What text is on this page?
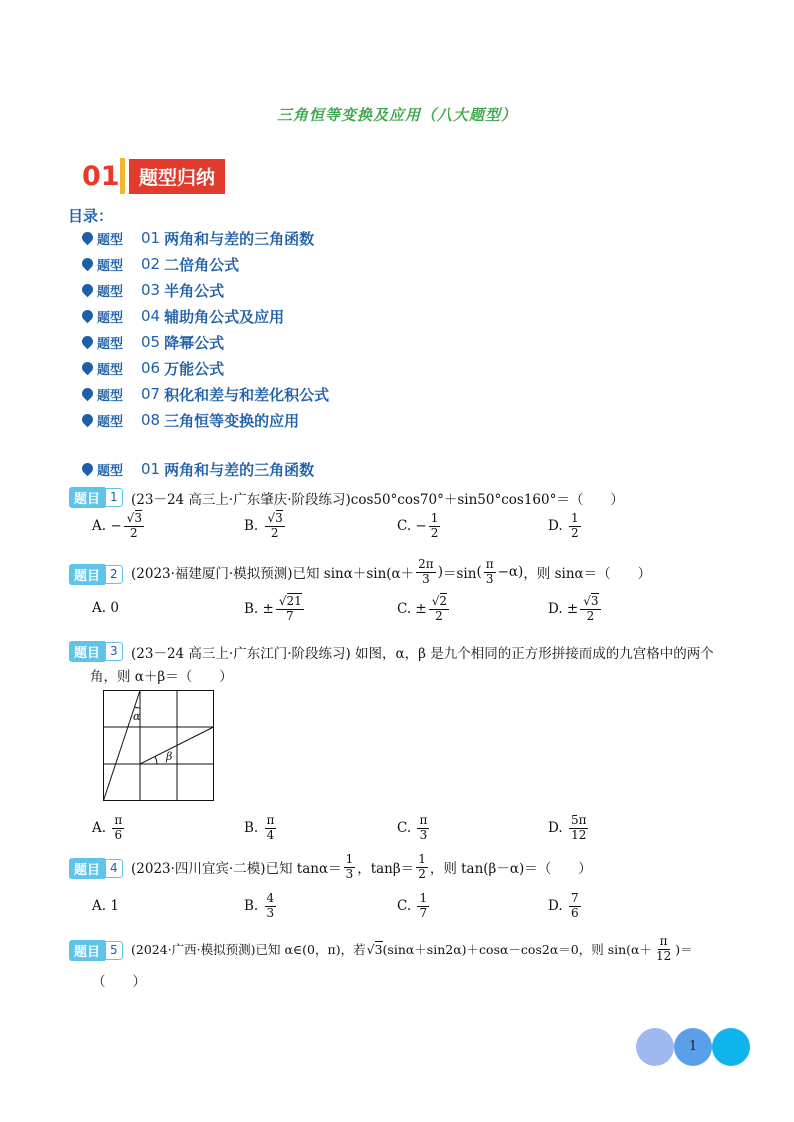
三角恒等变换及应用（八大题型）
01	题型归纳
目录：
题型	01 两角和与差的三角函数
题型	02 二倍角公式
题型	03 半角公式
题型	04 辅助角公式及应用
题型	05 降幂公式
题型	06 万能公式
题型	07 积化和差与和差化积公式
题型	08 三角恒等变换的应用
题型	01 两角和与差的三角函数
题目 1 (23－24 高三上·广东肇庆·阶段练习)cos50°cos70°＋sin50°cos160°＝（　　）
A. − √ $\frac{3}{2}$	B.
√ $\frac{3}{2}$	C. − $\frac{1}{2}$	D.
$\frac{1}{2}$
题目 2 (2023·福建厦门·模拟预测) 已知 sinα＋sin ($\alpha+ \frac{2\pi}{3}$ ) ＝sin ( $\frac{\pi}{3} -\alpha$) ，则 sinα＝（　　）
A. 0	B. ± √ $\frac{21}{7}$	C. ± √ $\frac{2}{2}$	D. ± √ $\frac{3}{2}$
题目 3 (23－24 高三上·广东江门·阶段练习) 如图，α，β 是九个相同的正方形拼接而成的九宫格中的两个
角，则 α＋β＝（　　）
α
β
A.
$\frac{\pi}{6}$	B.
$\frac{\pi}{4}$	C.
$\frac{\pi}{3}$	D.
$\frac{5\pi}{12}$
题目 4 (2023·四川宜宾·二模) 已知 $\tan\alpha= \frac{1}{3}$ ，$\tan\beta= \frac{1}{2}$ ，则 tan(β－α)＝（　　）
A. 1	B.
$\frac{4}{3}$	C.
$\frac{1}{7}$	D.
$\frac{7}{6}$
题目 5	(2024·广西·模拟预测) 已知 α∈(0，π)，若 √ 3 (sinα＋sin2α)＋cosα－cos2α＝0，则 $\sin (\alpha+ \frac{\pi}{12}$ ) ＝
（　　）
1
